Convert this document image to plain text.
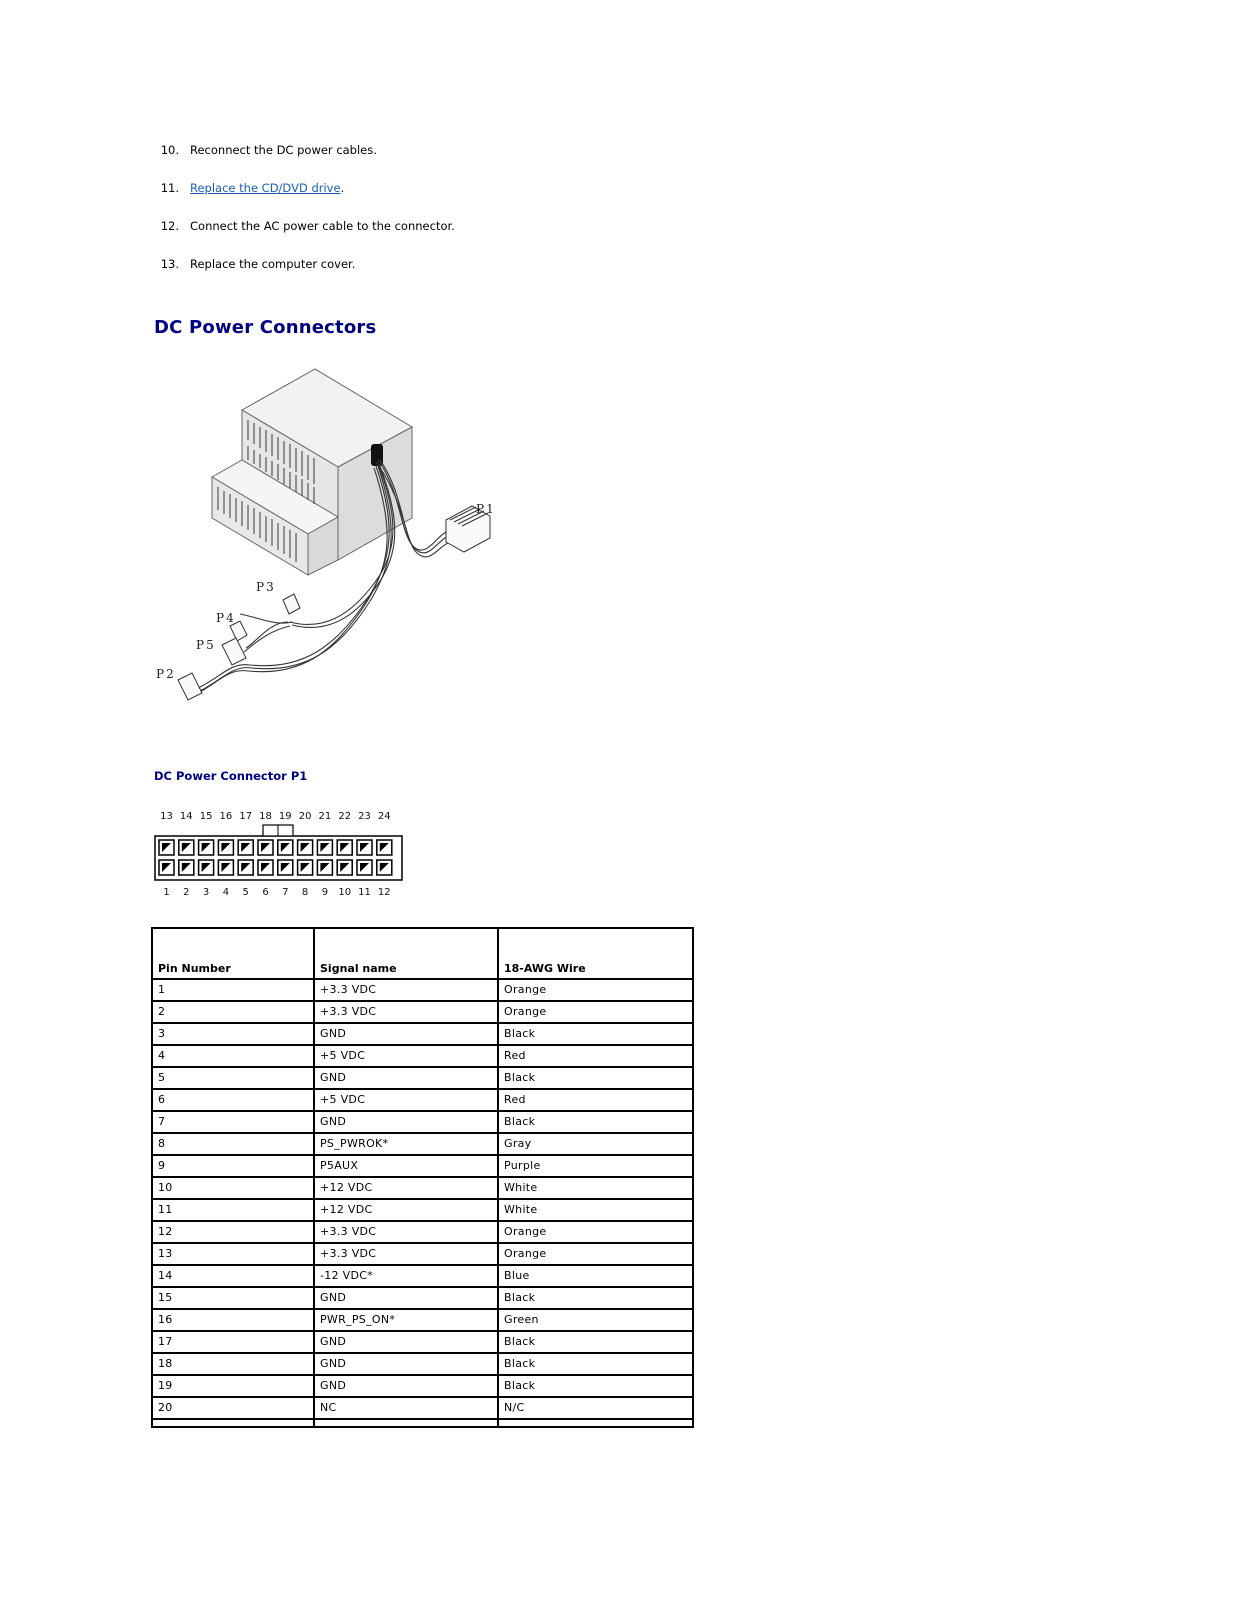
10. Reconnect the DC power cables.
11. Replace the CD/DVD drive.
12. Connect the AC power cable to the connector.
13. Replace the computer cover.
DC Power Connectors
P1
P3
P4
P5
P2
DC Power Connector P1
13 14 15 16 17 18 19 20 21 22 23 24
1 2 3 4 5 6 7 8 9 10 11 12
Pin Number	Signal name	18-AWG Wire
1	+3.3 VDC	Orange
2	+3.3 VDC	Orange
3	GND	Black
4	+5 VDC	Red
5	GND	Black
6	+5 VDC	Red
7	GND	Black
8	PS_PWROK*	Gray
9	P5AUX	Purple
10	+12 VDC	White
11	+12 VDC	White
12	+3.3 VDC	Orange
13	+3.3 VDC	Orange
14	-12 VDC*	Blue
15	GND	Black
16	PWR_PS_ON*	Green
17	GND	Black
18	GND	Black
19	GND	Black
20	NC	N/C
